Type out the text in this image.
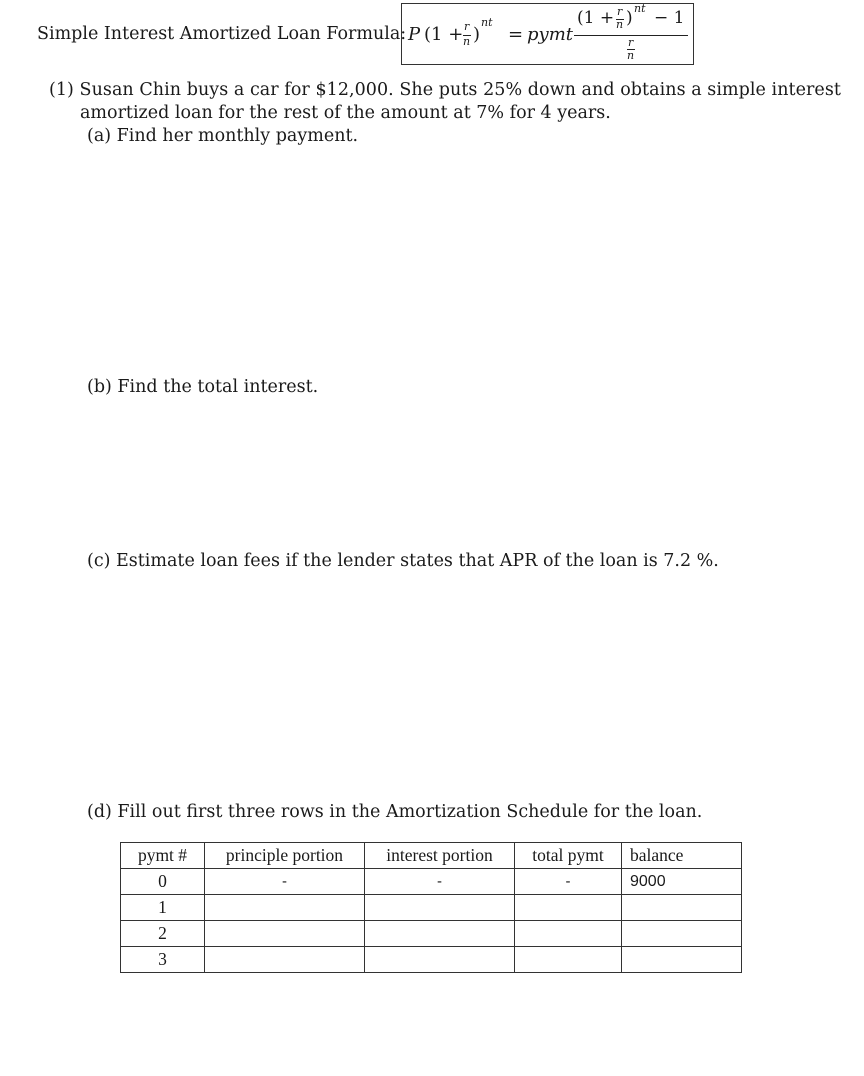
Simple Interest Amortized Loan Formula: P (1 + r
n )
nt
= pymt
(1 + r
n ) nt − 1
r
n
(1) Susan Chin buys a car for $12,000. She puts 25% down and obtains a simple interest
amortized loan for the rest of the amount at 7% for 4 years.
(a) Find her monthly payment.
(b) Find the total interest.
(c) Estimate loan fees if the lender states that APR of the loan is 7.2 %.
(d) Fill out first three rows in the Amortization Schedule for the loan.
pymt #	principle portion	interest portion	total pymt	balance
0	-	-	-	9000
1				
2				
3				
